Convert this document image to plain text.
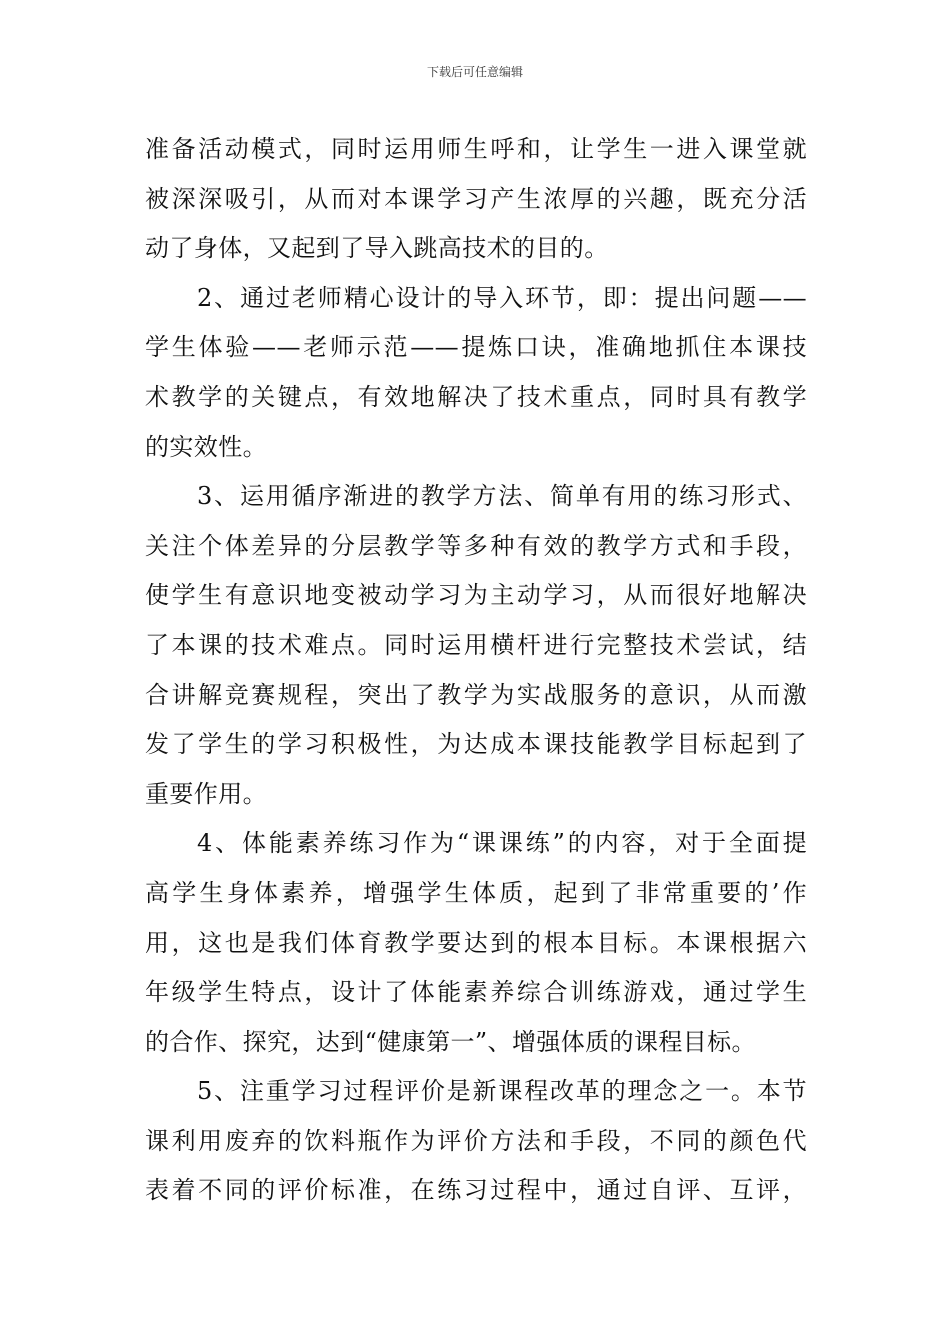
下载后可任意编辑
准备活动模式，同时运用师生呼和，让学生一进入课堂就
被深深吸引，从而对本课学习产生浓厚的兴趣，既充分活
动了身体，又起到了导入跳高技术的目的。
2、通过老师精心设计的导入环节，即：提出问题——
学生体验——老师示范——提炼口诀，准确地抓住本课技
术教学的关键点，有效地解决了技术重点，同时具有教学
的实效性。
3、运用循序渐进的教学方法、简单有用的练习形式、
关注个体差异的分层教学等多种有效的教学方式和手段，
使学生有意识地变被动学习为主动学习，从而很好地解决
了本课的技术难点。同时运用横杆进行完整技术尝试，结
合讲解竞赛规程，突出了教学为实战服务的意识，从而激
发了学生的学习积极性，为达成本课技能教学目标起到了
重要作用。
4、体能素养练习作为“课课练”的内容，对于全面提
高学生身体素养，增强学生体质，起到了非常重要的’作
用，这也是我们体育教学要达到的根本目标。本课根据六
年级学生特点，设计了体能素养综合训练游戏，通过学生
的合作、探究，达到“健康第一”、增强体质的课程目标。
5、注重学习过程评价是新课程改革的理念之一。本节
课利用废弃的饮料瓶作为评价方法和手段，不同的颜色代
表着不同的评价标准，在练习过程中，通过自评、互评，
